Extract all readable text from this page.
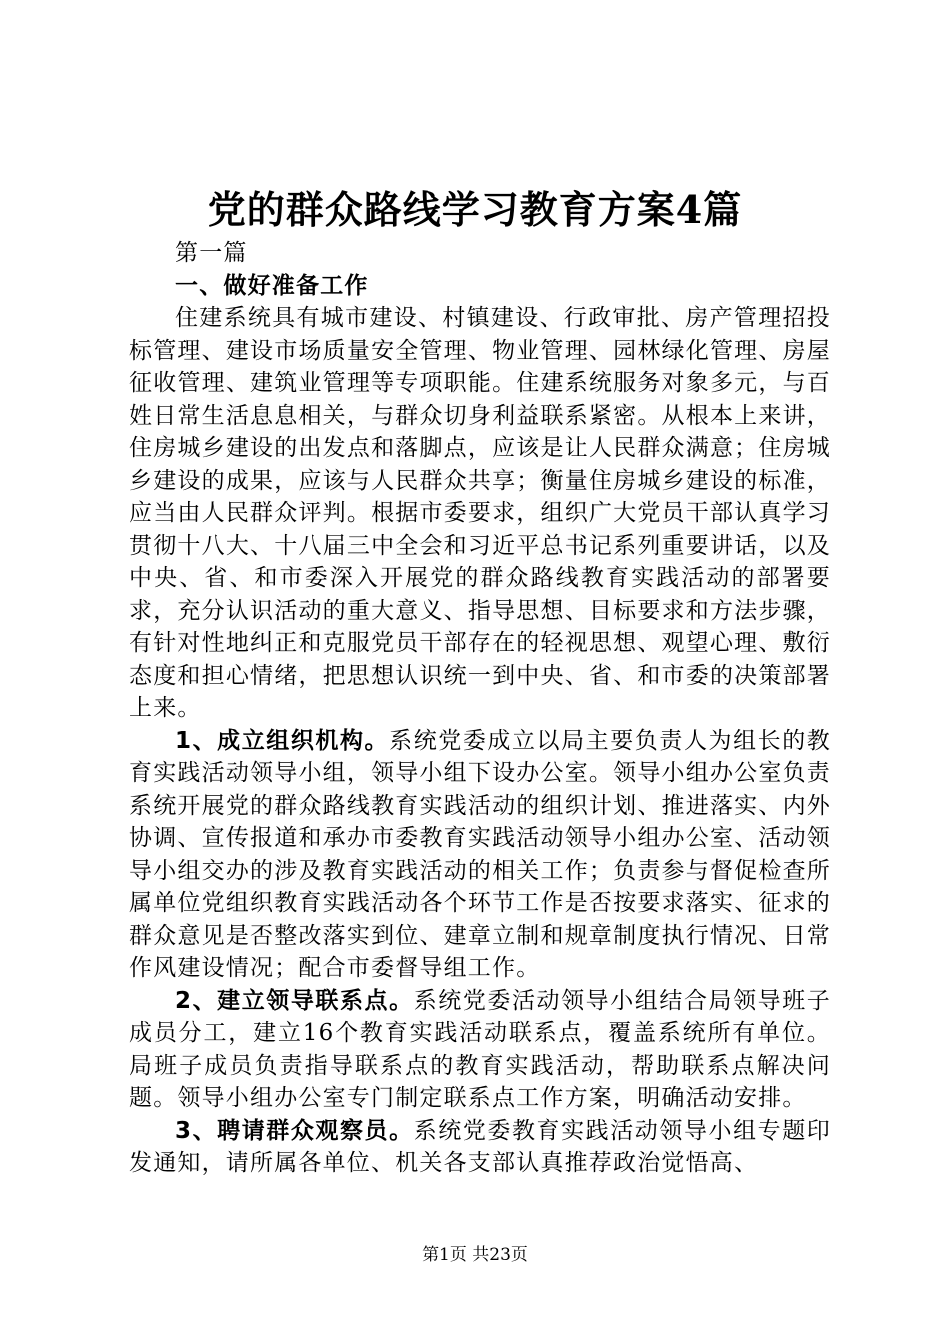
党的群众路线学习教育方案4篇

第一篇

一、做好准备工作

住建系统具有城市建设、村镇建设、行政审批、房产管理招投标管理、建设市场质量安全管理、物业管理、园林绿化管理、房屋征收管理、建筑业管理等专项职能。住建系统服务对象多元，与百姓日常生活息息相关，与群众切身利益联系紧密。从根本上来讲，住房城乡建设的出发点和落脚点，应该是让人民群众满意；住房城乡建设的成果，应该与人民群众共享；衡量住房城乡建设的标准，应当由人民群众评判。根据市委要求，组织广大党员干部认真学习贯彻十八大、十八届三中全会和习近平总书记系列重要讲话，以及中央、省、和市委深入开展党的群众路线教育实践活动的部署要求，充分认识活动的重大意义、指导思想、目标要求和方法步骤，有针对性地纠正和克服党员干部存在的轻视思想、观望心理、敷衍态度和担心情绪，把思想认识统一到中央、省、和市委的决策部署上来。

1、成立组织机构。系统党委成立以局主要负责人为组长的教育实践活动领导小组，领导小组下设办公室。领导小组办公室负责系统开展党的群众路线教育实践活动的组织计划、推进落实、内外协调、宣传报道和承办市委教育实践活动领导小组办公室、活动领导小组交办的涉及教育实践活动的相关工作；负责参与督促检查所属单位党组织教育实践活动各个环节工作是否按要求落实、征求的群众意见是否整改落实到位、建章立制和规章制度执行情况、日常作风建设情况；配合市委督导组工作。

2、建立领导联系点。系统党委活动领导小组结合局领导班子成员分工，建立16个教育实践活动联系点，覆盖系统所有单位。局班子成员负责指导联系点的教育实践活动，帮助联系点解决问题。领导小组办公室专门制定联系点工作方案，明确活动安排。

3、聘请群众观察员。系统党委教育实践活动领导小组专题印发通知，请所属各单位、机关各支部认真推荐政治觉悟高、

第1页 共23页
